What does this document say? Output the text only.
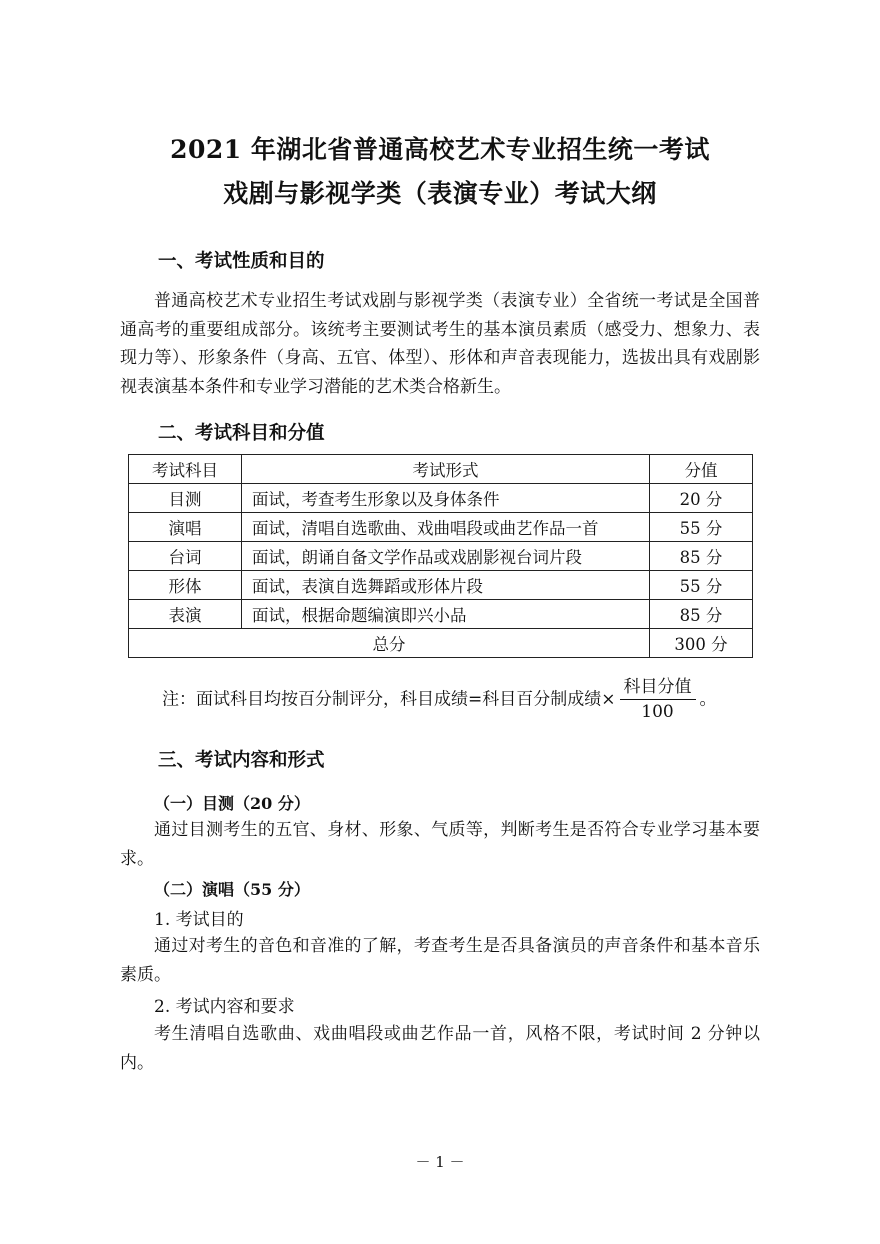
2021 年湖北省普通高校艺术专业招生统一考试
戏剧与影视学类（表演专业）考试大纲
一、考试性质和目的
普通高校艺术专业招生考试戏剧与影视学类（表演专业）全省统一考试是全国普通高考的重要组成部分。该统考主要测试考生的基本演员素质（感受力、想象力、表现力等）、形象条件（身高、五官、体型）、形体和声音表现能力，选拔出具有戏剧影视表演基本条件和专业学习潜能的艺术类合格新生。
二、考试科目和分值
考试科目	考试形式	分值
目测	面试，考查考生形象以及身体条件	20 分
演唱	面试，清唱自选歌曲、戏曲唱段或曲艺作品一首	55 分
台词	面试，朗诵自备文学作品或戏剧影视台词片段	85 分
形体	面试，表演自选舞蹈或形体片段	55 分
表演	面试，根据命题编演即兴小品	85 分
总分		300 分
注：面试科目均按百分制评分，科目成绩=科目百分制成绩× $\frac{\text{科目分值}}{100}$ 。
三、考试内容和形式
（一）目测（20 分）
通过目测考生的五官、身材、形象、气质等，判断考生是否符合专业学习基本要求。
（二）演唱（55 分）
1. 考试目的
通过对考生的音色和音准的了解，考查考生是否具备演员的声音条件和基本音乐素质。
2. 考试内容和要求
考生清唱自选歌曲、戏曲唱段或曲艺作品一首，风格不限，考试时间 2 分钟以内。
－ 1 －
